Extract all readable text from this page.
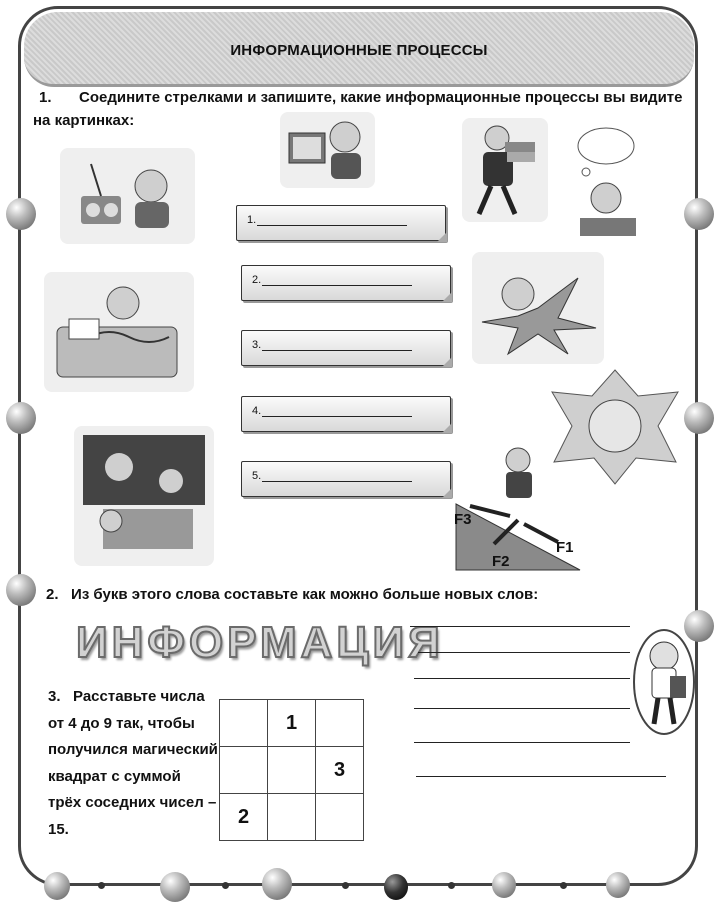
ИНФОРМАЦИОННЫЕ ПРОЦЕССЫ
1. Соедините стрелками и запишите, какие информационные процессы вы видите на картинках:
F3
F2
F1
1.
2.
3.
4.
5.
2. Из букв этого слова составьте как можно больше новых слов:
ИНФОРМАЦИЯ
3. Расставьте числа от 4 до 9 так, чтобы получился магический квадрат с суммой трёх соседних чисел – 15.
	1	
		3
2		
